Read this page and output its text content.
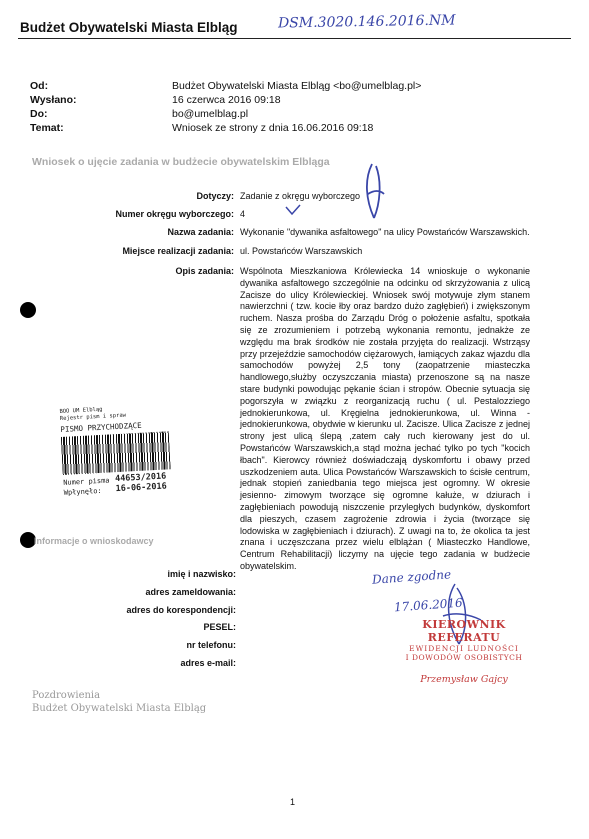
Budżet Obywatelski Miasta Elbląg	DSM.3020.146.2016.NM
Od:	Budżet Obywatelski Miasta Elbląg <bo@umelblag.pl>
Wysłano:	16 czerwca 2016 09:18
Do:	bo@umelblag.pl
Temat:	Wniosek ze strony z dnia 16.06.2016 09:18
Wniosek o ujęcie zadania w budżecie obywatelskim Elbląga
Dotyczy: Zadanie z okręgu wyborczego
Numer okręgu wyborczego: 4
Nazwa zadania: Wykonanie "dywanika asfaltowego" na ulicy Powstańców Warszawskich.
Miejsce realizacji zadania: ul. Powstańców Warszawskich
Opis zadania: Wspólnota Mieszkaniowa Królewiecka 14 wnioskuje o wykonanie dywanika asfaltowego szczególnie na odcinku od skrzyżowania z ulicą Zacisze do ulicy Królewieckiej. Wniosek swój motywuje złym stanem nawierzchni ( tzw. kocie łby oraz bardzo dużo zagłębień) i zwiększonym ruchem. Nasza prośba do Zarządu Dróg o położenie asfaltu, spotkała się ze zrozumieniem i potrzebą wykonania remontu, jednakże ze względu ma brak środków nie została przyjęta do realizacji. Wstrząsy przy przejeździe samochodów ciężarowych, łamiących zakaz wjazdu dla samochodów powyżej 2,5 tony (zaopatrzenie miasteczka handlowego,służby oczyszczania miasta) przenoszone są na nasze stare budynki powodując pękanie ścian i stropów. Obecnie sytuacja się pogorszyła w związku z reorganizacją ruchu ( ul. Pestalozziego jednokierunkowa, ul. Kręgielna jednokierunkowa, ul. Winna - jednokierunkowa, obydwie w kierunku ul. Zacisze. Ulica Zacisze z jednej strony jest ulicą ślepą ,zatem cały ruch kierowany jest do ul. Powstańców Warszawskich,a stąd można jechać tylko po tych "kocich łbach". Kierowcy również doświadczają dyskomfortu i obawy przed uszkodzeniem auta. Ulica Powstańców Warszawskich to ścisłe centrum, jednak stopień zaniedbania tego miejsca jest ogromny. W okresie jesienno- zimowym tworzące się ogromne kałuże, w dziurach i zagłębieniach powodują niszczenie przyległych budynków, dyskomfort dla pieszych, czasem zagrożenie zdrowia i życia (tworzące się lodowiska w zagłębieniach i dziurach). Z uwagi na to, że okolica ta jest znana i uczęszczana przez wielu elblążan ( Miasteczko Handlowe, Centrum Rehabilitacji) liczymy na ujęcie tego zadania w budżecie obywatelskim.

BOO UM Elbląg
Rejestr pism i spraw
PISMO PRZYCHODZĄCE
Numer pisma 44653/2016
Wpłynęło: 16-06-2016
Informacje o wnioskodawcy
imię i nazwisko:
adres zameldowania:
adres do korespondencji:
PESEL:
nr telefonu:
adres e-mail:
Dane zgodne
17.06.2016
KIEROWNIK REFERATU
EWIDENCJI LUDNOŚCI
I DOWODÓW OSOBISTYCH
Przemysław Gajcy
Pozdrowienia
Budżet Obywatelski Miasta Elbląg
1
